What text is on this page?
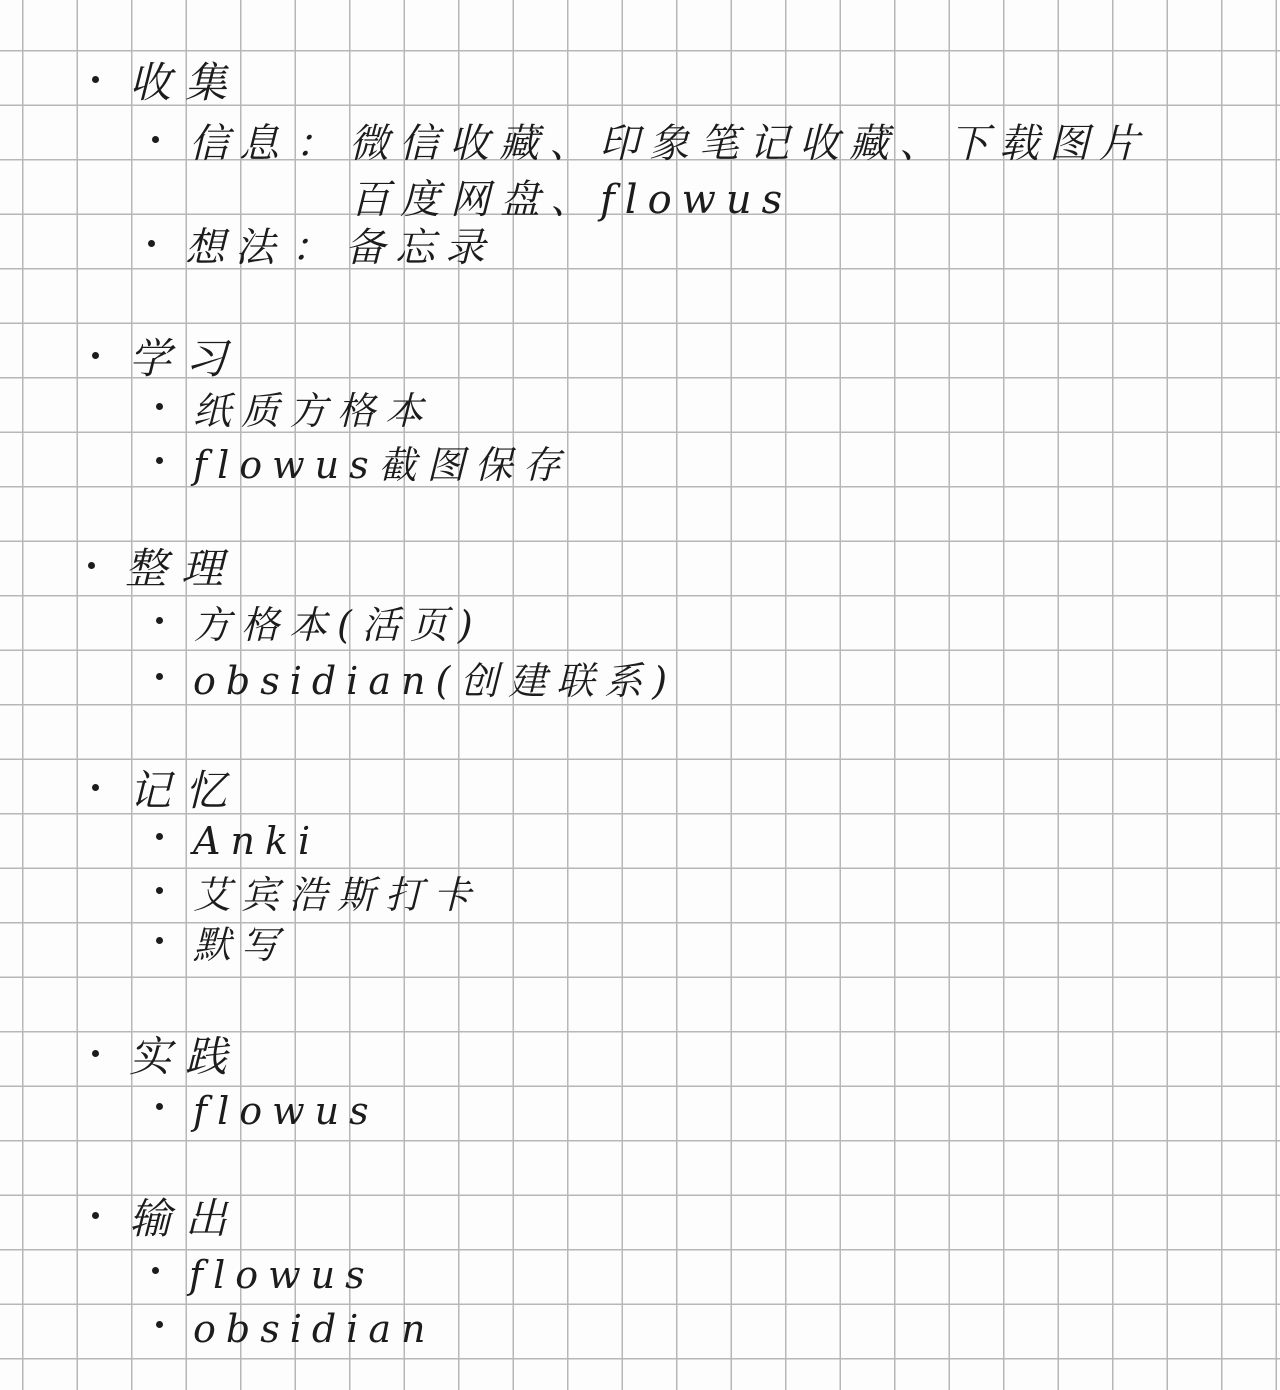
收集
信息 ： 微信收藏、印象笔记收藏、下载图片
百度网盘、flowus
想法 ： 备忘录
学习
纸质方格本
flowus截图保存
整理
方格本(活页)
obsidian(创建联系)
记忆
Anki
艾宾浩斯打卡
默写
实践
flowus
输出
flowus
obsidian
